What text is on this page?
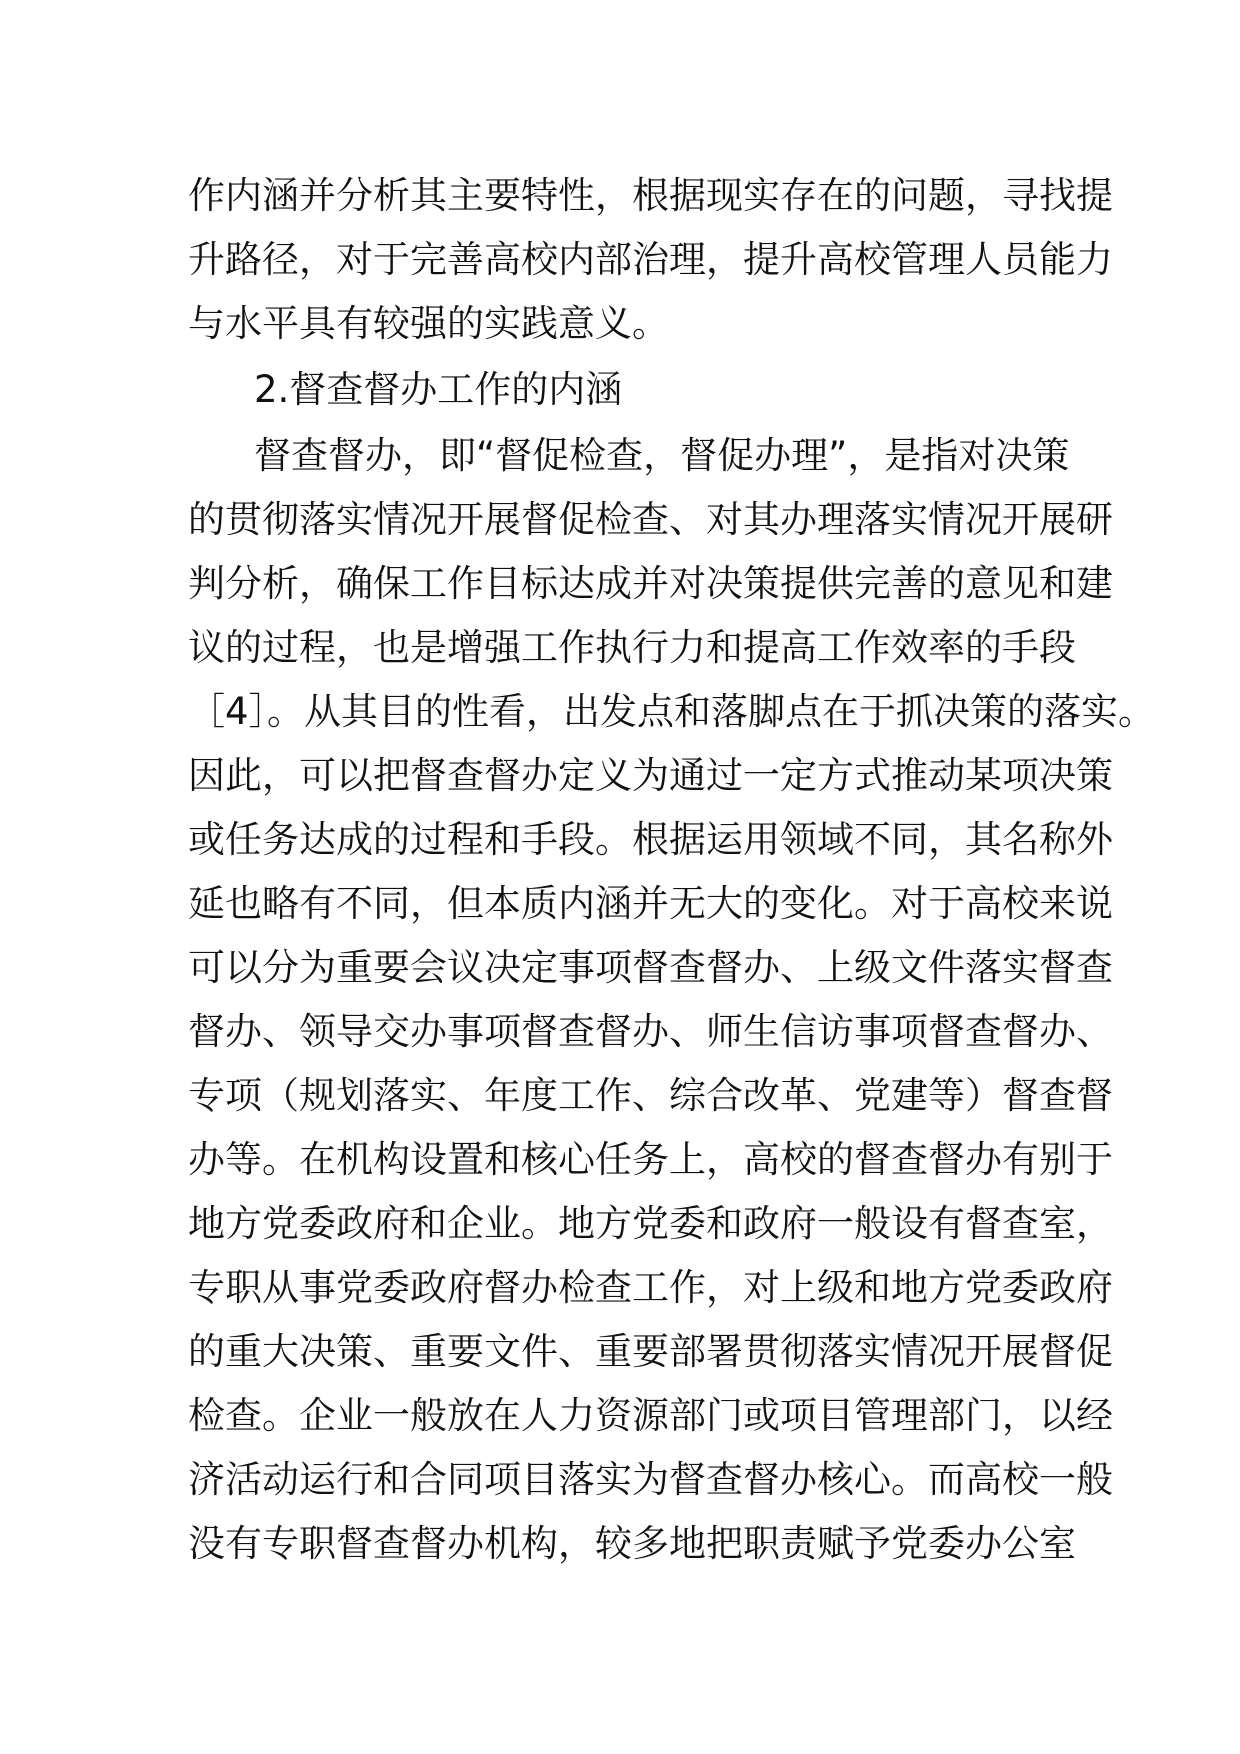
作内涵并分析其主要特性，根据现实存在的问题，寻找提
升路径，对于完善高校内部治理，提升高校管理人员能力
与水平具有较强的实践意义。
2.督查督办工作的内涵
督查督办，即“督促检查，督促办理”，是指对决策
的贯彻落实情况开展督促检查、对其办理落实情况开展研
判分析，确保工作目标达成并对决策提供完善的意见和建
议的过程，也是增强工作执行力和提高工作效率的手段
［4］。从其目的性看，出发点和落脚点在于抓决策的落实。
因此，可以把督查督办定义为通过一定方式推动某项决策
或任务达成的过程和手段。根据运用领域不同，其名称外
延也略有不同，但本质内涵并无大的变化。对于高校来说
可以分为重要会议决定事项督查督办、上级文件落实督查
督办、领导交办事项督查督办、师生信访事项督查督办、
专项（规划落实、年度工作、综合改革、党建等）督查督
办等。在机构设置和核心任务上，高校的督查督办有别于
地方党委政府和企业。地方党委和政府一般设有督查室，
专职从事党委政府督办检查工作，对上级和地方党委政府
的重大决策、重要文件、重要部署贯彻落实情况开展督促
检查。企业一般放在人力资源部门或项目管理部门，以经
济活动运行和合同项目落实为督查督办核心。而高校一般
没有专职督查督办机构，较多地把职责赋予党委办公室
